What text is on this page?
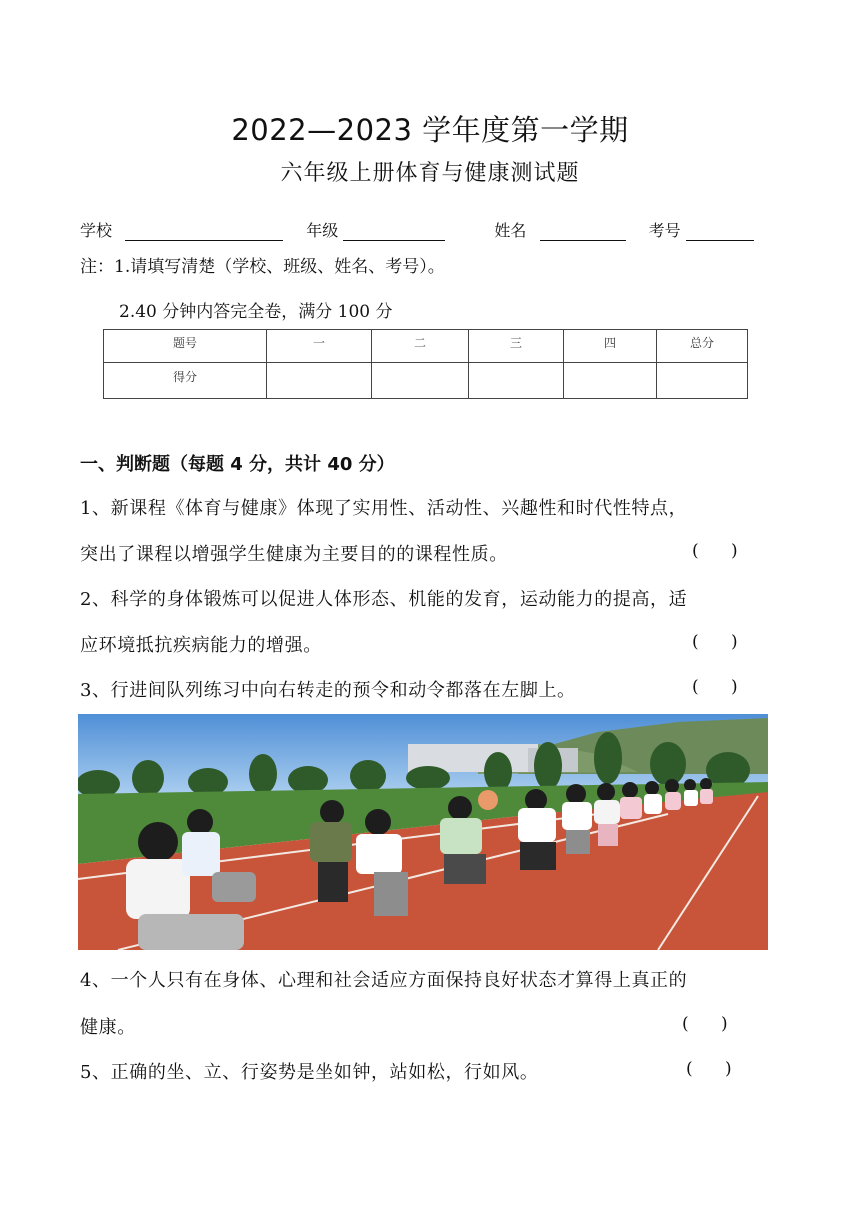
2022—2023 学年度第一学期
六年级上册体育与健康测试题
学校	年级	姓名	考号
注：1.请填写清楚（学校、班级、姓名、考号）。
2.40 分钟内答完全卷，满分 100 分
题号	一	二	三	四	总分
得分					
一、判断题（每题 4 分，共计 40 分）
1、新课程《体育与健康》体现了实用性、活动性、兴趣性和时代性特点，
突出了课程以增强学生健康为主要目的的课程性质。	(      )
2、科学的身体锻炼可以促进人体形态、机能的发育，运动能力的提高，适
应环境抵抗疾病能力的增强。	(      )
3、行进间队列练习中向右转走的预令和动令都落在左脚上。	(      )
4、一个人只有在身体、心理和社会适应方面保持良好状态才算得上真正的
健康。	(      )
5、正确的坐、立、行姿势是坐如钟，站如松，行如风。	(      )
